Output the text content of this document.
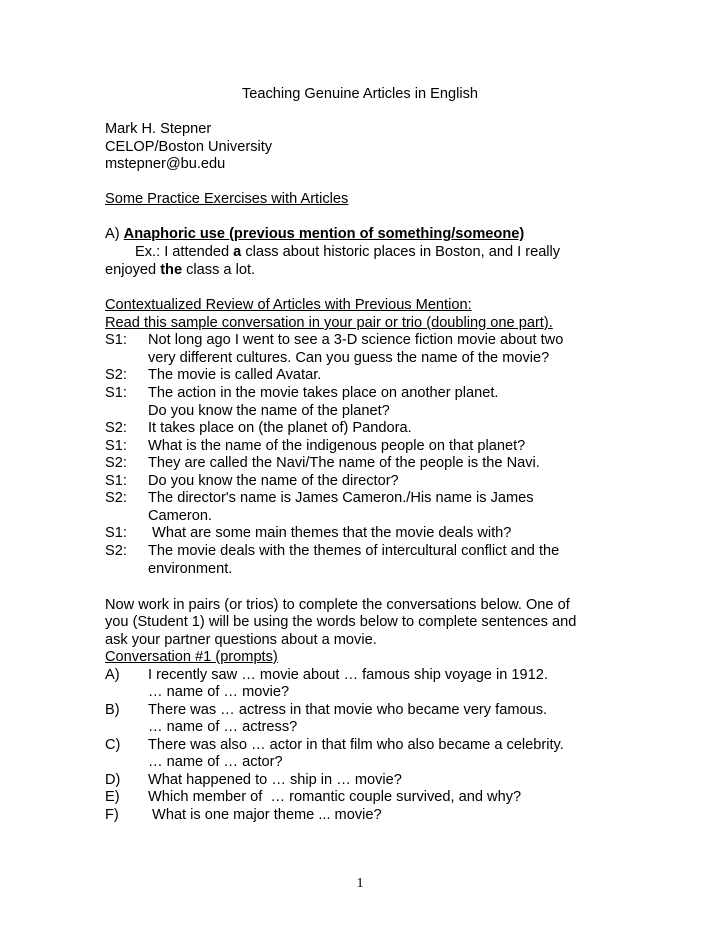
Teaching Genuine Articles in English
Mark H. Stepner
CELOP/Boston University
mstepner@bu.edu
Some Practice Exercises with Articles
A) Anaphoric use (previous mention of something/someone)
Ex.: I attended a class about historic places in Boston, and I really
enjoyed the class a lot.
Contextualized Review of Articles with Previous Mention:
Read this sample conversation in your pair or trio (doubling one part).
S1: Not long ago I went to see a 3-D science fiction movie about two
very different cultures. Can you guess the name of the movie?
S2: The movie is called Avatar.
S1: The action in the movie takes place on another planet.
Do you know the name of the planet?
S2: It takes place on (the planet of) Pandora.
S1: What is the name of the indigenous people on that planet?
S2: They are called the Navi/The name of the people is the Navi.
S1: Do you know the name of the director?
S2: The director's name is James Cameron./His name is James
Cameron.
S1: What are some main themes that the movie deals with?
S2: The movie deals with the themes of intercultural conflict and the
environment.
Now work in pairs (or trios) to complete the conversations below. One of
you (Student 1) will be using the words below to complete sentences and
ask your partner questions about a movie.
Conversation #1 (prompts)
A) I recently saw … movie about … famous ship voyage in 1912.
… name of … movie?
B) There was … actress in that movie who became very famous.
… name of … actress?
C) There was also … actor in that film who also became a celebrity.
… name of … actor?
D) What happened to … ship in … movie?
E) Which member of  … romantic couple survived, and why?
F) What is one major theme ... movie?
1
